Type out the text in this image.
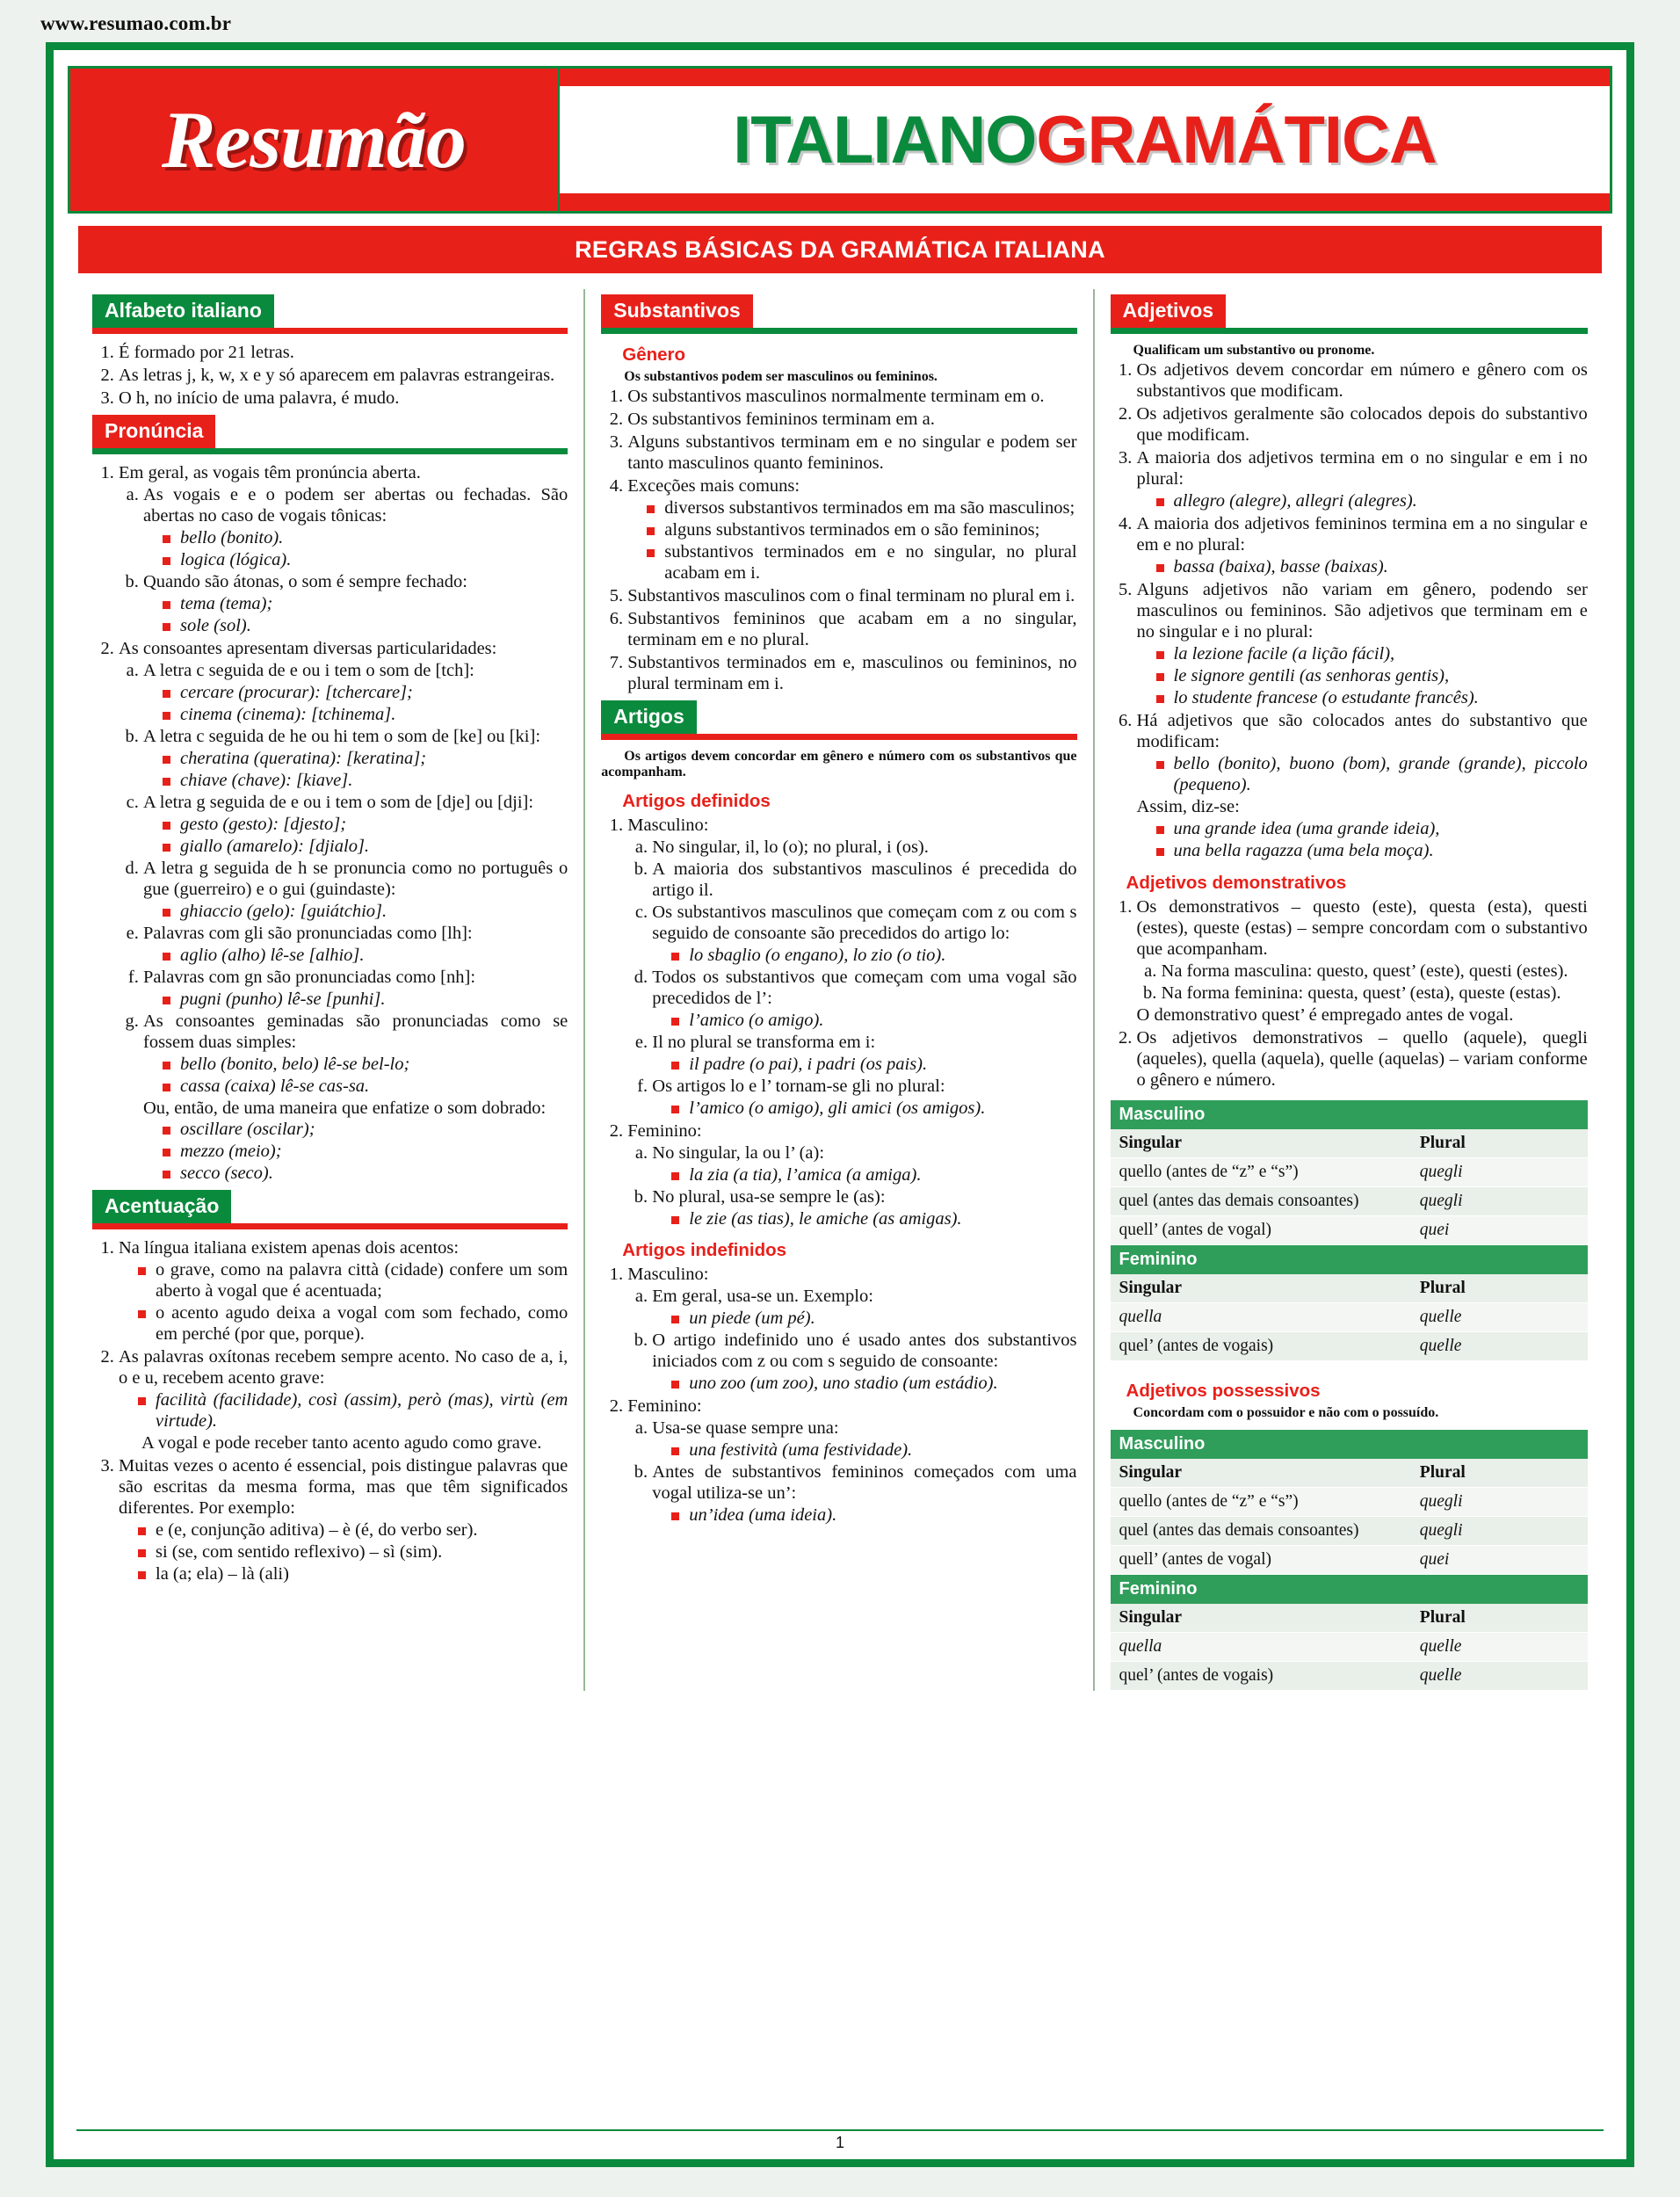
www.resumao.com.br
Resumão	ITALIANO GRAMÁTICA
REGRAS BÁSICAS DA GRAMÁTICA ITALIANA
Alfabeto italiano
1. É formado por 21 letras.
2. As letras j, k, w, x e y só aparecem em palavras estrangeiras.
3. O h, no início de uma palavra, é mudo.
Pronúncia
1. Em geral, as vogais têm pronúncia aberta.
a. As vogais e e o podem ser abertas ou fechadas. São abertas no caso de vogais tônicas:
bello (bonito).
logica (lógica).
b. Quando são átonas, o som é sempre fechado:
tema (tema);
sole (sol).
2. As consoantes apresentam diversas particularidades:
a. A letra c seguida de e ou i tem o som de [tch]:
cercare (procurar): [tchercare];
cinema (cinema): [tchinema].
b. A letra c seguida de he ou hi tem o som de [ke] ou [ki]:
cheratina (queratina): [keratina];
chiave (chave): [kiave].
c. A letra g seguida de e ou i tem o som de [dje] ou [dji]:
gesto (gesto): [djesto];
giallo (amarelo): [djialo].
d. A letra g seguida de h se pronuncia como no português o gue (guerreiro) e o gui (guindaste):
ghiaccio (gelo): [guiátchio].
e. Palavras com gli são pronunciadas como [lh]:
aglio (alho) lê-se [alhio].
f. Palavras com gn são pronunciadas como [nh]:
pugni (punho) lê-se [punhi].
g. As consoantes geminadas são pronunciadas como se fossem duas simples:
bello (bonito, belo) lê-se bel-lo;
cassa (caixa) lê-se cas-sa.
Ou, então, de uma maneira que enfatize o som dobrado:
oscillare (oscilar);
mezzo (meio);
secco (seco).
Acentuação
1. Na língua italiana existem apenas dois acentos:
o grave, como na palavra città (cidade) confere um som aberto à vogal que é acentuada;
o acento agudo deixa a vogal com som fechado, como em perché (por que, porque).
2. As palavras oxítonas recebem sempre acento. No caso de a, i, o e u, recebem acento grave:
facilità (facilidade), così (assim), però (mas), virtù (em virtude).
A vogal e pode receber tanto acento agudo como grave.
3. Muitas vezes o acento é essencial, pois distingue palavras que são escritas da mesma forma, mas que têm significados diferentes. Por exemplo:
e (e, conjunção aditiva) – è (é, do verbo ser).
si (se, com sentido reflexivo) – sì (sim).
la (a; ela) – là (ali)
Substantivos
Gênero
Os substantivos podem ser masculinos ou femininos.
1. Os substantivos masculinos normalmente terminam em o.
2. Os substantivos femininos terminam em a.
3. Alguns substantivos terminam em e no singular e podem ser tanto masculinos quanto femininos.
4. Exceções mais comuns:
diversos substantivos terminados em ma são masculinos;
alguns substantivos terminados em o são femininos;
substantivos terminados em e no singular, no plural acabam em i.
5. Substantivos masculinos com o final terminam no plural em i.
6. Substantivos femininos que acabam em a no singular, terminam em e no plural.
7. Substantivos terminados em e, masculinos ou femininos, no plural terminam em i.
Artigos
Os artigos devem concordar em gênero e número com os substantivos que acompanham.
Artigos definidos
1. Masculino:
a. No singular, il, lo (o); no plural, i (os).
b. A maioria dos substantivos masculinos é precedida do artigo il.
c. Os substantivos masculinos que começam com z ou com s seguido de consoante são precedidos do artigo lo:
lo sbaglio (o engano), lo zio (o tio).
d. Todos os substantivos que começam com uma vogal são precedidos de l’:
l’amico (o amigo).
e. Il no plural se transforma em i:
il padre (o pai), i padri (os pais).
f. Os artigos lo e l’ tornam-se gli no plural:
l’amico (o amigo), gli amici (os amigos).
2. Feminino:
a. No singular, la ou l’ (a):
la zia (a tia), l’amica (a amiga).
b. No plural, usa-se sempre le (as):
le zie (as tias), le amiche (as amigas).
Artigos indefinidos
1. Masculino:
a. Em geral, usa-se un. Exemplo:
un piede (um pé).
b. O artigo indefinido uno é usado antes dos substantivos iniciados com z ou com s seguido de consoante:
uno zoo (um zoo), uno stadio (um estádio).
2. Feminino:
a. Usa-se quase sempre una:
una festività (uma festividade).
b. Antes de substantivos femininos começados com uma vogal utiliza-se un’:
un’idea (uma ideia).
Adjetivos
Qualificam um substantivo ou pronome.
1. Os adjetivos devem concordar em número e gênero com os substantivos que modificam.
2. Os adjetivos geralmente são colocados depois do substantivo que modificam.
3. A maioria dos adjetivos termina em o no singular e em i no plural:
allegro (alegre), allegri (alegres).
4. A maioria dos adjetivos femininos termina em a no singular e em e no plural:
bassa (baixa), basse (baixas).
5. Alguns adjetivos não variam em gênero, podendo ser masculinos ou femininos. São adjetivos que terminam em e no singular e i no plural:
la lezione facile (a lição fácil),
le signore gentili (as senhoras gentis),
lo studente francese (o estudante francês).
6. Há adjetivos que são colocados antes do substantivo que modificam:
bello (bonito), buono (bom), grande (grande), piccolo (pequeno).
Assim, diz-se:
una grande idea (uma grande ideia),
una bella ragazza (uma bela moça).
Adjetivos demonstrativos
1. Os demonstrativos – questo (este), questa (esta), questi (estes), queste (estas) – sempre concordam com o substantivo que acompanham.
a. Na forma masculina: questo, quest’ (este), questi (estes).
b. Na forma feminina: questa, quest’ (esta), queste (estas).
O demonstrativo quest’ é empregado antes de vogal.
2. Os adjetivos demonstrativos – quello (aquele), quegli (aqueles), quella (aquela), quelle (aquelas) – variam conforme o gênero e número.
Masculino	
Singular	Plural
quello (antes de “z” e “s”)	quegli
quel (antes das demais consoantes)	quegli
quell’ (antes de vogal)	quei
Feminino	
Singular	Plural
quella	quelle
quel’ (antes de vogais)	quelle
Adjetivos possessivos
Concordam com o possuidor e não com o possuído.
Masculino	
Singular	Plural
quello (antes de “z” e “s”)	quegli
quel (antes das demais consoantes)	quegli
quell’ (antes de vogal)	quei
Feminino	
Singular	Plural
quella	quelle
quel’ (antes de vogais)	quelle
1
